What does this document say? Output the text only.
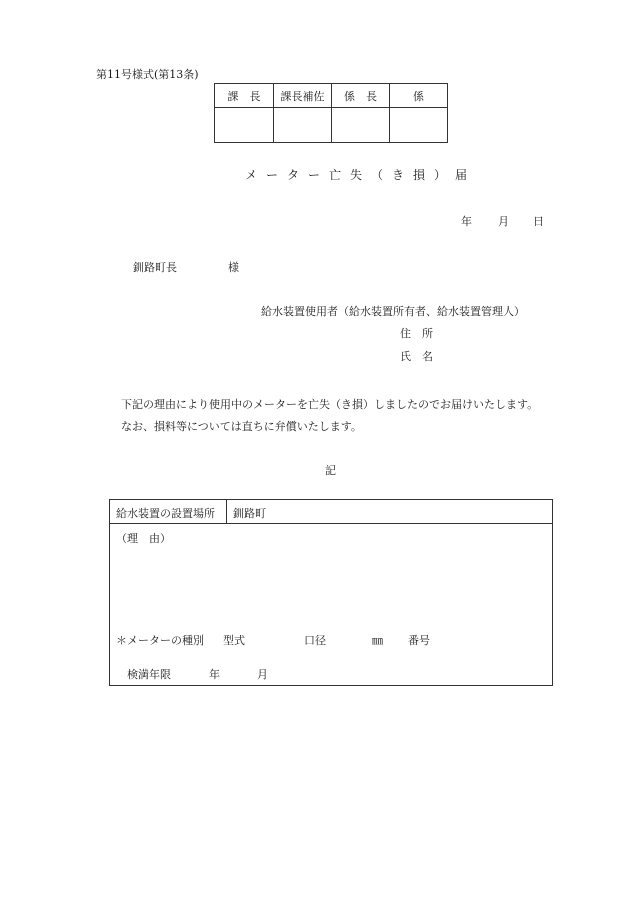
第11号様式(第13条)
課　長	課長補佐	係　長	係

メーター亡失（き損）届
年 月 日
釧路町長	様
給水装置使用者（給水装置所有者、給水装置管理人）
住　所
氏　名
下記の理由により使用中のメーターを亡失（き損）しましたのでお届けいたします。
なお、損料等については直ちに弁償いたします。
記
給水装置の設置場所 釧路町
（理　由）
＊メーターの種別 型式	口径	㎜ 番号
検満年限	年	月
